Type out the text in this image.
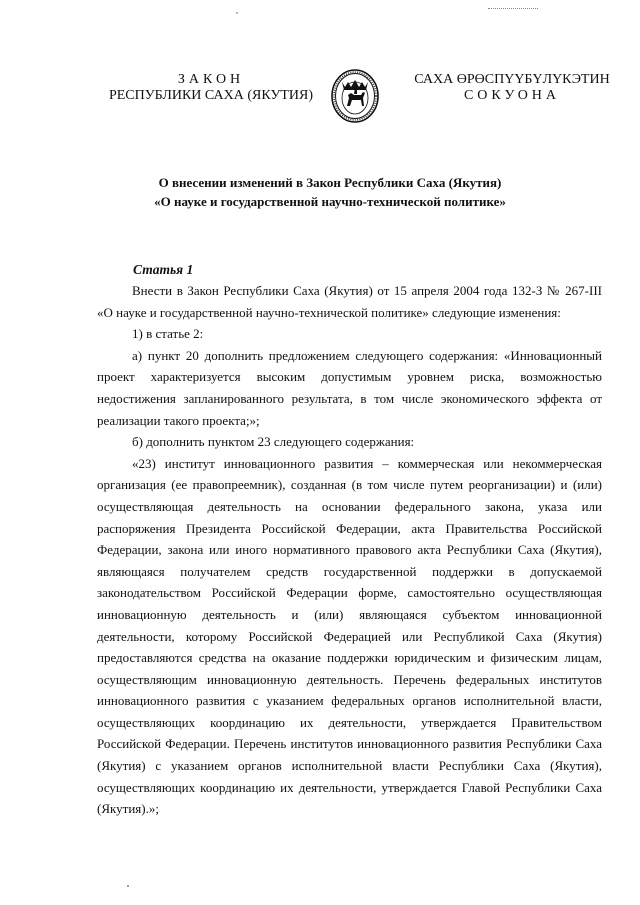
ЗАКОН
РЕСПУБЛИКИ САХА (ЯКУТИЯ)
САХА ӨРӨСПҮҮБҮЛҮКЭТИН
СОКУОНА
О внесении изменений в Закон Республики Саха (Якутия)
«О науке и государственной научно-технической политике»
Статья 1

Внести в Закон Республики Саха (Якутия) от 15 апреля 2004 года 132-З № 267-III «О науке и государственной научно-технической политике» следующие изменения:

1) в статье 2:

а) пункт 20 дополнить предложением следующего содержания: «Инновационный проект характеризуется высоким допустимым уровнем риска, возможностью недостижения запланированного результата, в том числе экономического эффекта от реализации такого проекта;»;

б) дополнить пунктом 23 следующего содержания:

«23) институт инновационного развития – коммерческая или некоммерческая организация (ее правопреемник), созданная (в том числе путем реорганизации) и (или) осуществляющая деятельность на основании федерального закона, указа или распоряжения Президента Российской Федерации, акта Правительства Российской Федерации, закона или иного нормативного правового акта Республики Саха (Якутия), являющаяся получателем средств государственной поддержки в допускаемой законодательством Российской Федерации форме, самостоятельно осуществляющая инновационную деятельность и (или) являющаяся субъектом инновационной деятельности, которому Российской Федерацией или Республикой Саха (Якутия) предоставляются средства на оказание поддержки юридическим и физическим лицам, осуществляющим инновационную деятельность. Перечень федеральных институтов инновационного развития с указанием федеральных органов исполнительной власти, осуществляющих координацию их деятельности, утверждается Правительством Российской Федерации. Перечень институтов инновационного развития Республики Саха (Якутия) с указанием органов исполнительной власти Республики Саха (Якутия), осуществляющих координацию их деятельности, утверждается Главой Республики Саха (Якутия).»;
